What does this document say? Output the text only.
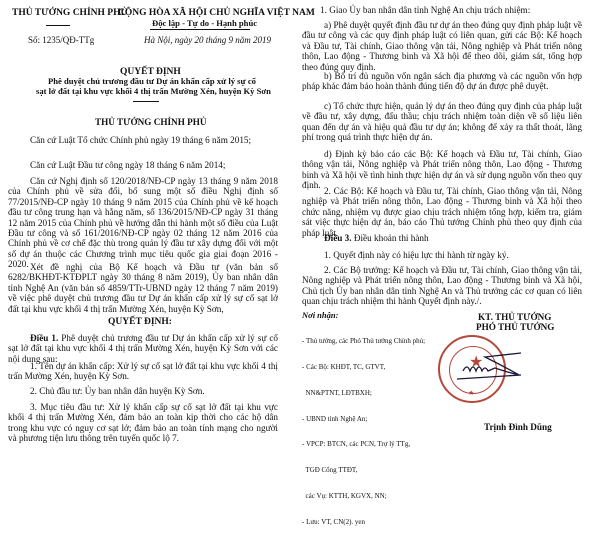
THỦ TƯỚNG CHÍNH PHỦ
CỘNG HÒA XÃ HỘI CHỦ NGHĨA VIỆT NAM
Độc lập - Tự do - Hạnh phúc
Số: 1235/QĐ-TTg	Hà Nội, ngày 20 tháng 9 năm 2019
QUYẾT ĐỊNH
Phê duyệt chủ trương đầu tư Dự án khẩn cấp xử lý sự cố
sạt lở đất tại khu vực khối 4 thị trấn Mường Xén, huyện Kỳ Sơn
THỦ TƯỚNG CHÍNH PHỦ
Căn cứ Luật Tổ chức Chính phủ ngày 19 tháng 6 năm 2015;
Căn cứ Luật Đầu tư công ngày 18 tháng 6 năm 2014;
Căn cứ Nghị định số 120/2018/NĐ-CP ngày 13 tháng 9 năm 2018 của Chính phủ về sửa đổi, bổ sung một số điều Nghị định số 77/2015/NĐ-CP ngày 10 tháng 9 năm 2015 của Chính phủ về kế hoạch đầu tư công trung hạn và hằng năm, số 136/2015/NĐ-CP ngày 31 tháng 12 năm 2015 của Chính phủ về hướng dẫn thi hành một số điều của Luật Đầu tư công và số 161/2016/NĐ-CP ngày 02 tháng 12 năm 2016 của Chính phủ về cơ chế đặc thù trong quản lý đầu tư xây dựng đối với một số dự án thuộc các Chương trình mục tiêu quốc gia giai đoạn 2016 - 2020. Xét đề nghị của Bộ Kế hoạch và Đầu tư (văn bản số 6282/BKHĐT-KTĐPLT ngày 30 tháng 8 năm 2019), Ủy ban nhân dân tỉnh Nghệ An (văn bản số 4859/TTr-UBND ngày 12 tháng 7 năm 2019) về việc phê duyệt chủ trương đầu tư Dự án khẩn cấp xử lý sự cố sạt lở đất tại khu vực khối 4 thị trấn Mường Xén, huyện Kỳ Sơn,
QUYẾT ĐỊNH:
Điều 1. Phê duyệt chủ trương đầu tư Dự án khẩn cấp xử lý sự cố sạt lở đất tại khu vực khối 4 thị trấn Mường Xén, huyện Kỳ Sơn với các nội dung sau:
1. Tên dự án khẩn cấp: Xử lý sự cố sạt lở đất tại khu vực khối 4 thị trấn Mường Xén, huyện Kỳ Sơn.
2. Chủ đầu tư: Ủy ban nhân dân huyện Kỳ Sơn.
3. Mục tiêu đầu tư: Xử lý khẩn cấp sự cố sạt lở đất tại khu vực khối 4 thị trấn Mường Xén, đảm bảo an toàn kịp thời cho các hộ dân trong khu vực có nguy cơ sạt lở; đảm bảo an toàn tính mạng cho người và phương tiện lưu thông trên tuyến quốc lộ 7.
1. Giao Ủy ban nhân dân tỉnh Nghệ An chịu trách nhiệm:
a) Phê duyệt quyết định đầu tư dự án theo đúng quy định pháp luật về đầu tư công và các quy định pháp luật có liên quan, gửi các Bộ: Kế hoạch và Đầu tư, Tài chính, Giao thông vận tải, Nông nghiệp và Phát triển nông thôn, Lao động - Thương binh và Xã hội để theo dõi, giám sát, tổng hợp theo đúng quy định.
b) Bố trí đủ nguồn vốn ngân sách địa phương và các nguồn vốn hợp pháp khác đảm bảo hoàn thành đúng tiến độ dự án được phê duyệt.
c) Tổ chức thực hiện, quản lý dự án theo đúng quy định của pháp luật về đầu tư, xây dựng, đấu thầu; chịu trách nhiệm toàn diện về số liệu liên quan đến dự án và hiệu quả đầu tư dự án; không để xảy ra thất thoát, lãng phí trong quá trình thực hiện dự án.
d) Định kỳ báo cáo các Bộ: Kế hoạch và Đầu tư, Tài chính, Giao thông vận tải, Nông nghiệp và Phát triển nông thôn, Lao động - Thương binh và Xã hội về tình hình thực hiện dự án và sử dụng nguồn vốn theo quy định.
2. Các Bộ: Kế hoạch và Đầu tư, Tài chính, Giao thông vận tải, Nông nghiệp và Phát triển nông thôn, Lao động - Thương binh và Xã hội theo chức năng, nhiệm vụ được giao chịu trách nhiệm tổng hợp, kiểm tra, giám sát việc thực hiện dự án, báo cáo Thủ tướng Chính phủ theo quy định của pháp luật.
Điều 3. Điều khoản thi hành
1. Quyết định này có hiệu lực thi hành từ ngày ký.
2. Các Bộ trưởng: Kế hoạch và Đầu tư, Tài chính, Giao thông vận tải, Nông nghiệp và Phát triển nông thôn, Lao động - Thương binh và Xã hội, Chủ tịch Ủy ban nhân dân tỉnh Nghệ An và Thủ trưởng các cơ quan có liên quan chịu trách nhiệm thi hành Quyết định này./.
Nơi nhận:

- Thủ tướng, các Phó Thủ tướng Chính phủ;

- Các Bộ: KHĐT, TC, GTVT,

NN&PTNT, LĐTBXH;

- UBND tỉnh Nghệ An;

- VPCP: BTCN, các PCN, Trợ lý TTg,

TGĐ Cổng TTĐT,

các Vụ: KTTH, KGVX, NN;

- Lưu: VT, CN(2). yen

KT. THỦ TƯỚNG
PHÓ THỦ TƯỚNG
Trịnh Đình Dũng
★
★
